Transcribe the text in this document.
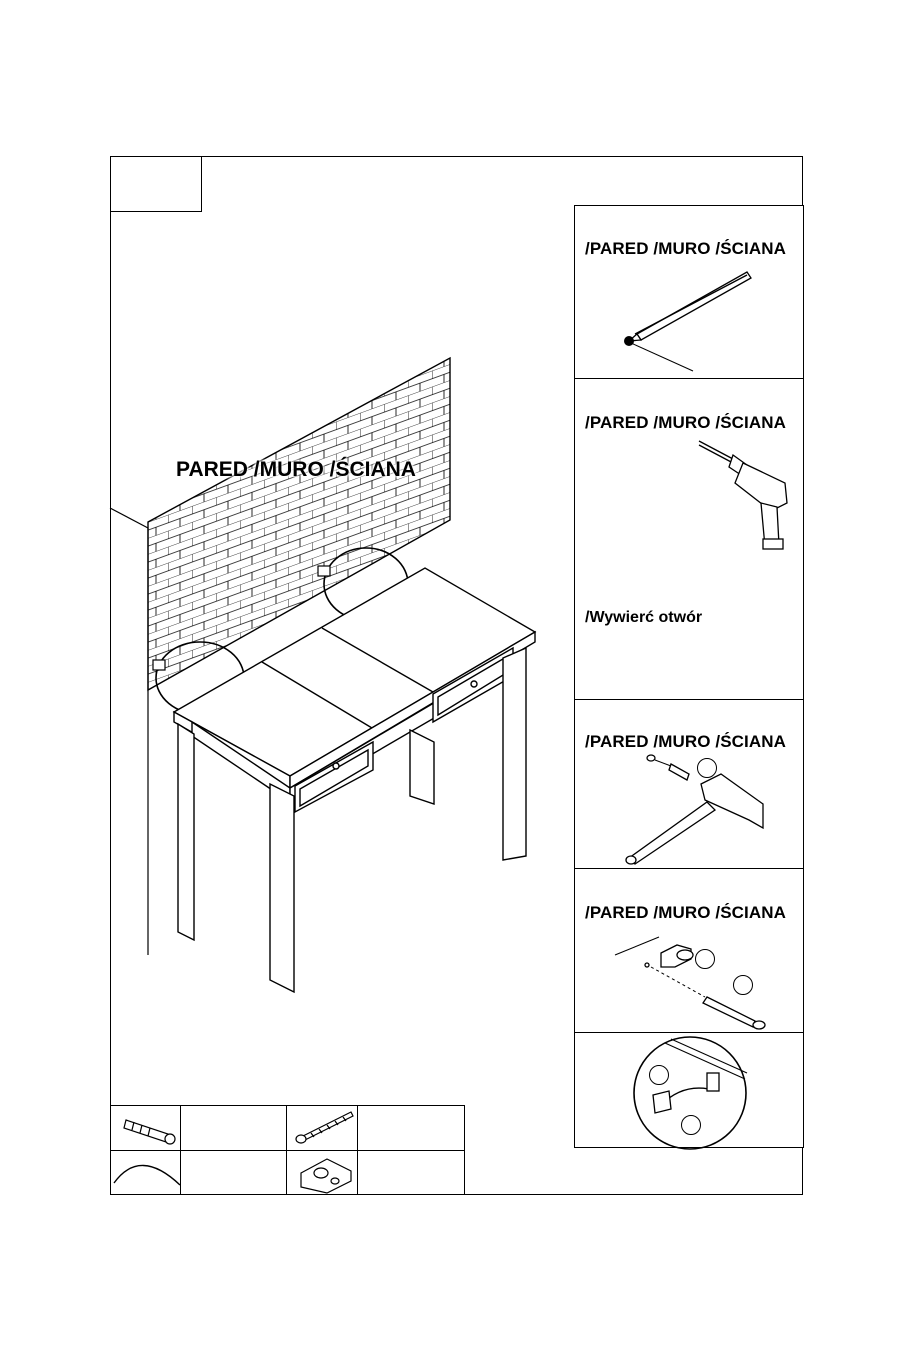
PARED /MURO /ŚCIANA
/PARED /MURO /ŚCIANA
/PARED /MURO /ŚCIANA
/Wywierć otwór
/PARED /MURO /ŚCIANA
/PARED /MURO /ŚCIANA
